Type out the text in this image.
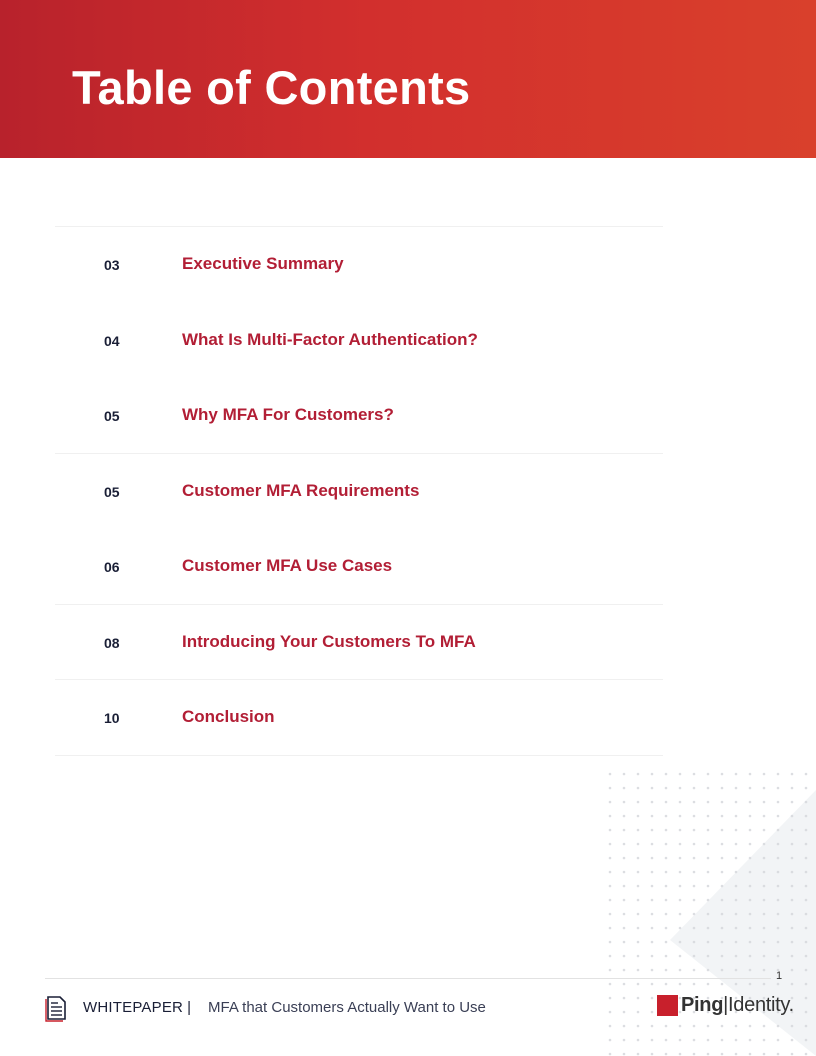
Table of Contents
03	Executive Summary
04	What Is Multi-Factor Authentication?
05	Why MFA For Customers?
05	Customer MFA Requirements
06	Customer MFA Use Cases
08	Introducing Your Customers To MFA
10	Conclusion
1
WHITEPAPER | MFA that Customers Actually Want to Use	Ping|Identity.
